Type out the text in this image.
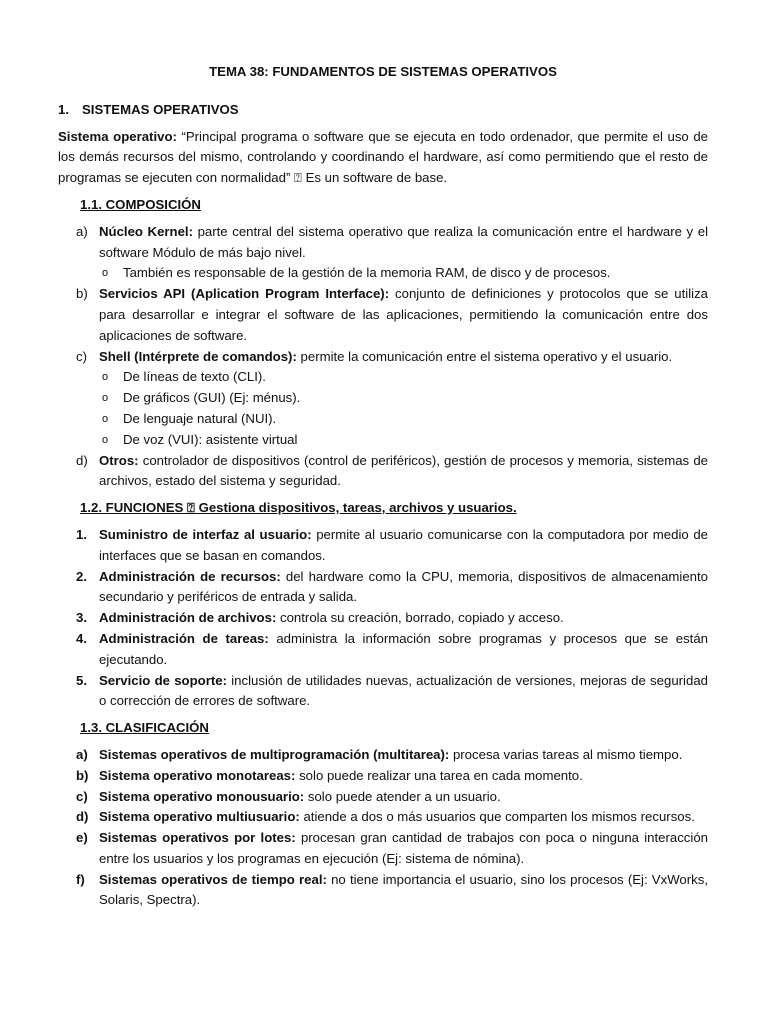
TEMA 38: FUNDAMENTOS DE SISTEMAS OPERATIVOS
1. SISTEMAS OPERATIVOS

Sistema operativo: “Principal programa o software que se ejecuta en todo ordenador, que permite el uso de los demás recursos del mismo, controlando y coordinando el hardware, así como permitiendo que el resto de programas se ejecuten con normalidad” ⍰ Es un software de base.

1.1. COMPOSICIÓN
a) Núcleo Kernel: parte central del sistema operativo que realiza la comunicación entre el hardware y el software Módulo de más bajo nivel.
o También es responsable de la gestión de la memoria RAM, de disco y de procesos.
b) Servicios API (Aplication Program Interface): conjunto de definiciones y protocolos que se utiliza para desarrollar e integrar el software de las aplicaciones, permitiendo la comunicación entre dos aplicaciones de software.
c) Shell (Intérprete de comandos): permite la comunicación entre el sistema operativo y el usuario.
o De líneas de texto (CLI).
o De gráficos (GUI) (Ej: ménus).
o De lenguaje natural (NUI).
o De voz (VUI): asistente virtual
d) Otros: controlador de dispositivos (control de periféricos), gestión de procesos y memoria, sistemas de archivos, estado del sistema y seguridad.
1.2. FUNCIONES ⍰ Gestiona dispositivos, tareas, archivos y usuarios.
1. Suministro de interfaz al usuario: permite al usuario comunicarse con la computadora por medio de interfaces que se basan en comandos.
2. Administración de recursos: del hardware como la CPU, memoria, dispositivos de almacenamiento secundario y periféricos de entrada y salida.
3. Administración de archivos: controla su creación, borrado, copiado y acceso.
4. Administración de tareas: administra la información sobre programas y procesos que se están ejecutando.
5. Servicio de soporte: inclusión de utilidades nuevas, actualización de versiones, mejoras de seguridad o corrección de errores de software.
1.3. CLASIFICACIÓN
a) Sistemas operativos de multiprogramación (multitarea): procesa varias tareas al mismo tiempo.
b) Sistema operativo monotareas: solo puede realizar una tarea en cada momento.
c) Sistema operativo monousuario: solo puede atender a un usuario.
d) Sistema operativo multiusuario: atiende a dos o más usuarios que comparten los mismos recursos.
e) Sistemas operativos por lotes: procesan gran cantidad de trabajos con poca o ninguna interacción entre los usuarios y los programas en ejecución (Ej: sistema de nómina).
f) Sistemas operativos de tiempo real: no tiene importancia el usuario, sino los procesos (Ej: VxWorks, Solaris, Spectra).
